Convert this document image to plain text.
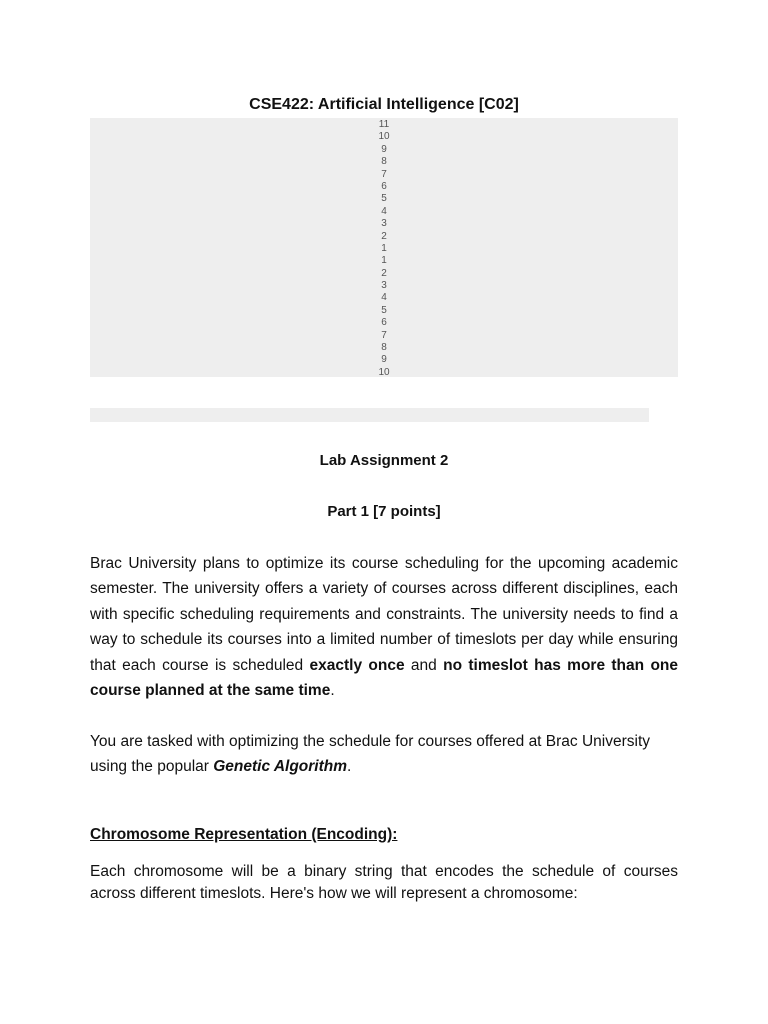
CSE422: Artificial Intelligence [C02]
11
10
9
8
7
6
5
4
3
2
1
1
2
3
4
5
6
7
8
9
10
Lab Assignment 2
Part 1 [7 points]
Brac University plans to optimize its course scheduling for the upcoming academic semester. The university offers a variety of courses across different disciplines, each with specific scheduling requirements and constraints. The university needs to find a way to schedule its courses into a limited number of timeslots per day while ensuring that each course is scheduled exactly once and no timeslot has more than one course planned at the same time.
You are tasked with optimizing the schedule for courses offered at Brac University using the popular Genetic Algorithm.
Chromosome Representation (Encoding):
Each chromosome will be a binary string that encodes the schedule of courses across different timeslots. Here's how we will represent a chromosome:
